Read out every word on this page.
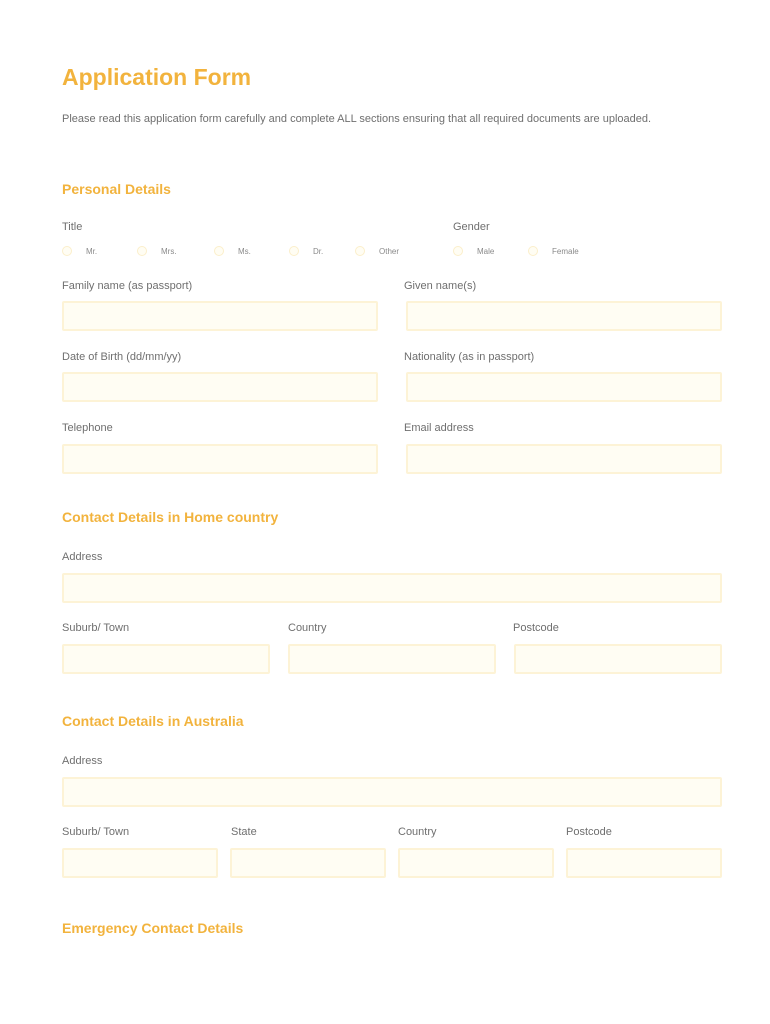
Application Form
Please read this application form carefully and complete ALL sections ensuring that all required documents are uploaded.
Personal Details
Title	Gender
Mr.	Mrs.	Ms.	Dr.	Other	Male	Female
Family name (as passport)	Given name(s)
Date of Birth (dd/mm/yy)	Nationality (as in passport)
Telephone	Email address
Contact Details in Home country
Address
Suburb/ Town	Country	Postcode
Contact Details in Australia
Address
Suburb/ Town	State	Country	Postcode
Emergency Contact Details
